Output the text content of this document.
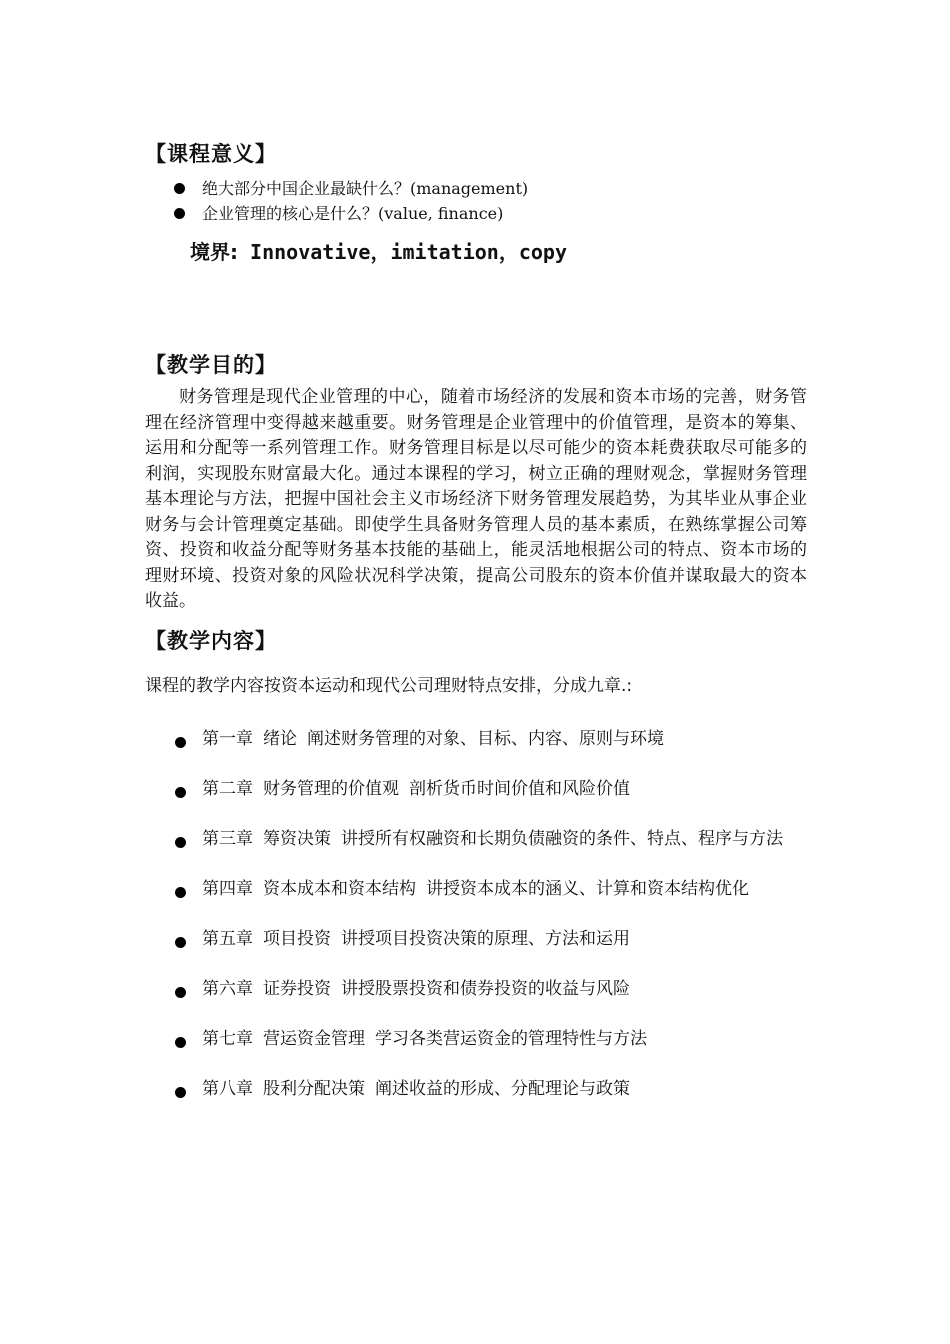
【课程意义】
绝大部分中国企业最缺什么？(management)
企业管理的核心是什么？(value, finance)
境界: Innovative，imitation，copy
【教学目的】

财务管理是现代企业管理的中心，随着市场经济的发展和资本市场的完善，财务管理在经济管理中变得越来越重要。财务管理是企业管理中的价值管理，是资本的筹集、运用和分配等一系列管理工作。财务管理目标是以尽可能少的资本耗费获取尽可能多的利润，实现股东财富最大化。通过本课程的学习，树立正确的理财观念，掌握财务管理基本理论与方法，把握中国社会主义市场经济下财务管理发展趋势，为其毕业从事企业财务与会计管理奠定基础。即使学生具备财务管理人员的基本素质，在熟练掌握公司筹资、投资和收益分配等财务基本技能的基础上，能灵活地根据公司的特点、资本市场的理财环境、投资对象的风险状况科学决策，提高公司股东的资本价值并谋取最大的资本收益。

【教学内容】
课程的教学内容按资本运动和现代公司理财特点安排，分成九章.:
第一章 绪论 阐述财务管理的对象、目标、内容、原则与环境
第二章 财务管理的价值观 剖析货币时间价值和风险价值
第三章 筹资决策 讲授所有权融资和长期负债融资的条件、特点、程序与方法
第四章 资本成本和资本结构 讲授资本成本的涵义、计算和资本结构优化
第五章 项目投资 讲授项目投资决策的原理、方法和运用
第六章 证券投资 讲授股票投资和债券投资的收益与风险
第七章 营运资金管理 学习各类营运资金的管理特性与方法
第八章 股利分配决策 阐述收益的形成、分配理论与政策
